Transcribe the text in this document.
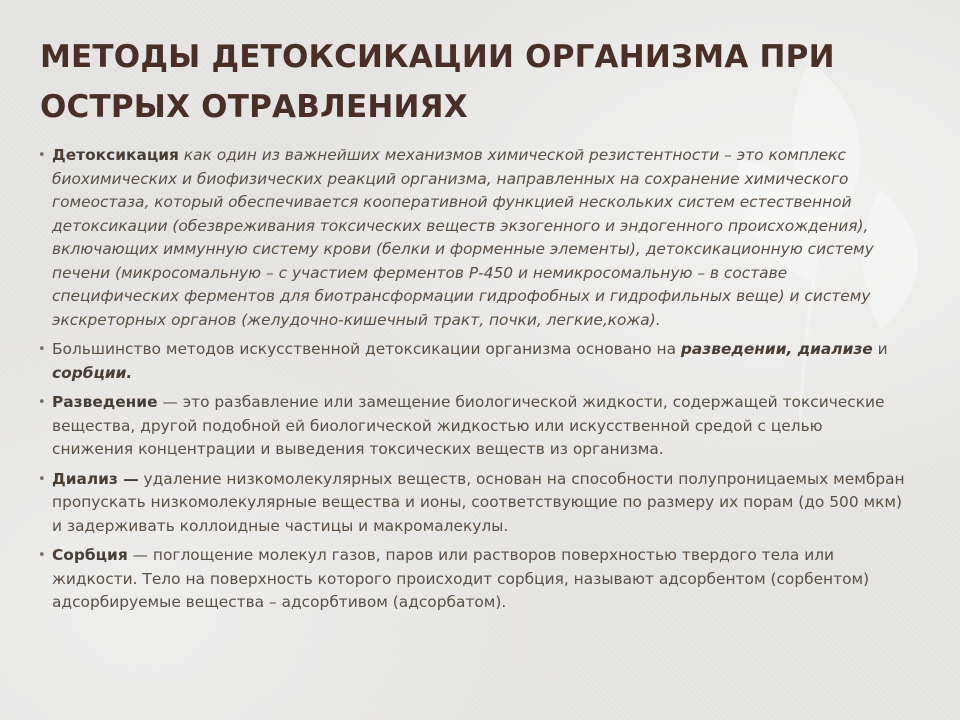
МЕТОДЫ ДЕТОКСИКАЦИИ ОРГАНИЗМА ПРИ ОСТРЫХ ОТРАВЛЕНИЯХ
• Детоксикация как один из важнейших механизмов химической резистентности – это комплекс биохимических и биофизических реакций организма, направленных на сохранение химического гомеостаза, который обеспечивается кооперативной функцией нескольких систем естественной детоксикации (обезвреживания токсических веществ экзогенного и эндогенного происхождения), включающих иммунную систему крови (белки и форменные элементы), детоксикационную систему печени (микросомальную – с участием ферментов Р-450 и немикросомальную – в составе специфических ферментов для биотрансформации гидрофобных и гидрофильных веще) и систему экскреторных органов (желудочно-кишечный тракт, почки, легкие,кожа).
• Большинство методов искусственной детоксикации организма основано на разведении, диализе и сорбции.
• Разведение — это разбавление или замещение биологической жидкости, содержащей токсические вещества, другой подобной ей биологической жидкостью или искусственной средой с целью снижения концентрации и выведения токсических веществ из организма.
• Диализ — удаление низкомолекулярных веществ, основан на способности полупроницаемых мембран пропускать низкомолекулярные вещества и ионы, соответствующие по размеру их порам (до 500 мкм) и задерживать коллоидные частицы и макромалекулы.
• Сорбция — поглощение молекул газов, паров или растворов поверхностью твердого тела или жидкости. Тело на поверхность которого происходит сорбция, называют адсорбентом (сорбентом) адсорбируемые вещества – адсорбтивом (адсорбатом).
